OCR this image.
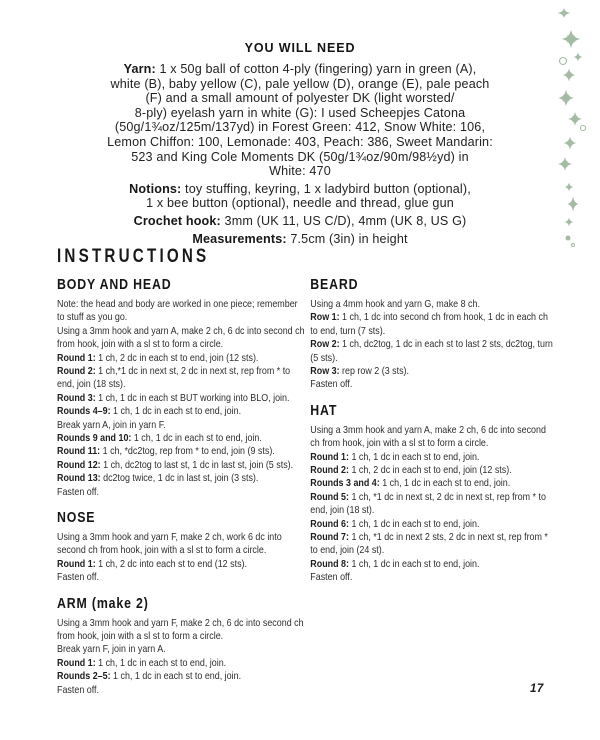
YOU WILL NEED
Yarn: 1 x 50g ball of cotton 4-ply (fingering) yarn in green (A),
white (B), baby yellow (C), pale yellow (D), orange (E), pale peach
(F) and a small amount of polyester DK (light worsted/
8-ply) eyelash yarn in white (G): I used Scheepjes Catona
(50g/1¾oz/125m/137yd) in Forest Green: 412, Snow White: 106,
Lemon Chiffon: 100, Lemonade: 403, Peach: 386, Sweet Mandarin:
523 and King Cole Moments DK (50g/1¾oz/90m/98½yd) in
White: 470
Notions: toy stuffing, keyring, 1 x ladybird button (optional),
1 x bee button (optional), needle and thread, glue gun
Crochet hook: 3mm (UK 11, US C/D), 4mm (UK 8, US G)
Measurements: 7.5cm (3in) in height
INSTRUCTIONS
BODY AND HEAD

Note: the head and body are worked in one piece; remember to stuff as you go.

Using a 3mm hook and yarn A, make 2 ch, 6 dc into second ch from hook, join with a sl st to form a circle.

Round 1: 1 ch, 2 dc in each st to end, join (12 sts).

Round 2: 1 ch,*1 dc in next st, 2 dc in next st, rep from * to end, join (18 sts).

Round 3: 1 ch, 1 dc in each st BUT working into BLO, join.

Rounds 4–9: 1 ch, 1 dc in each st to end, join.

Break yarn A, join in yarn F.

Rounds 9 and 10: 1 ch, 1 dc in each st to end, join.

Round 11: 1 ch, *dc2tog, rep from * to end, join (9 sts).

Round 12: 1 ch, dc2tog to last st, 1 dc in last st, join (5 sts).

Round 13: dc2tog twice, 1 dc in last st, join (3 sts).

Fasten off.

NOSE

Using a 3mm hook and yarn F, make 2 ch, work 6 dc into second ch from hook, join with a sl st to form a circle.

Round 1: 1 ch, 2 dc into each st to end (12 sts).

Fasten off.

ARM (make 2)

Using a 3mm hook and yarn F, make 2 ch, 6 dc into second ch from hook, join with a sl st to form a circle.

Break yarn F, join in yarn A.

Round 1: 1 ch, 1 dc in each st to end, join.

Rounds 2–5: 1 ch, 1 dc in each st to end, join.

Fasten off.

BEARD

Using a 4mm hook and yarn G, make 8 ch.

Row 1: 1 ch, 1 dc into second ch from hook, 1 dc in each ch to end, turn (7 sts).

Row 2: 1 ch, dc2tog, 1 dc in each st to last 2 sts, dc2tog, turn (5 sts).

Row 3: rep row 2 (3 sts).

Fasten off.

HAT

Using a 3mm hook and yarn A, make 2 ch, 6 dc into second ch from hook, join with a sl st to form a circle.

Round 1: 1 ch, 1 dc in each st to end, join.

Round 2: 1 ch, 2 dc in each st to end, join (12 sts).

Rounds 3 and 4: 1 ch, 1 dc in each st to end, join.

Round 5: 1 ch, *1 dc in next st, 2 dc in next st, rep from * to end, join (18 st).

Round 6: 1 ch, 1 dc in each st to end, join.

Round 7: 1 ch, *1 dc in next 2 sts, 2 dc in next st, rep from * to end, join (24 st).

Round 8: 1 ch, 1 dc in each st to end, join.

Fasten off.

17
